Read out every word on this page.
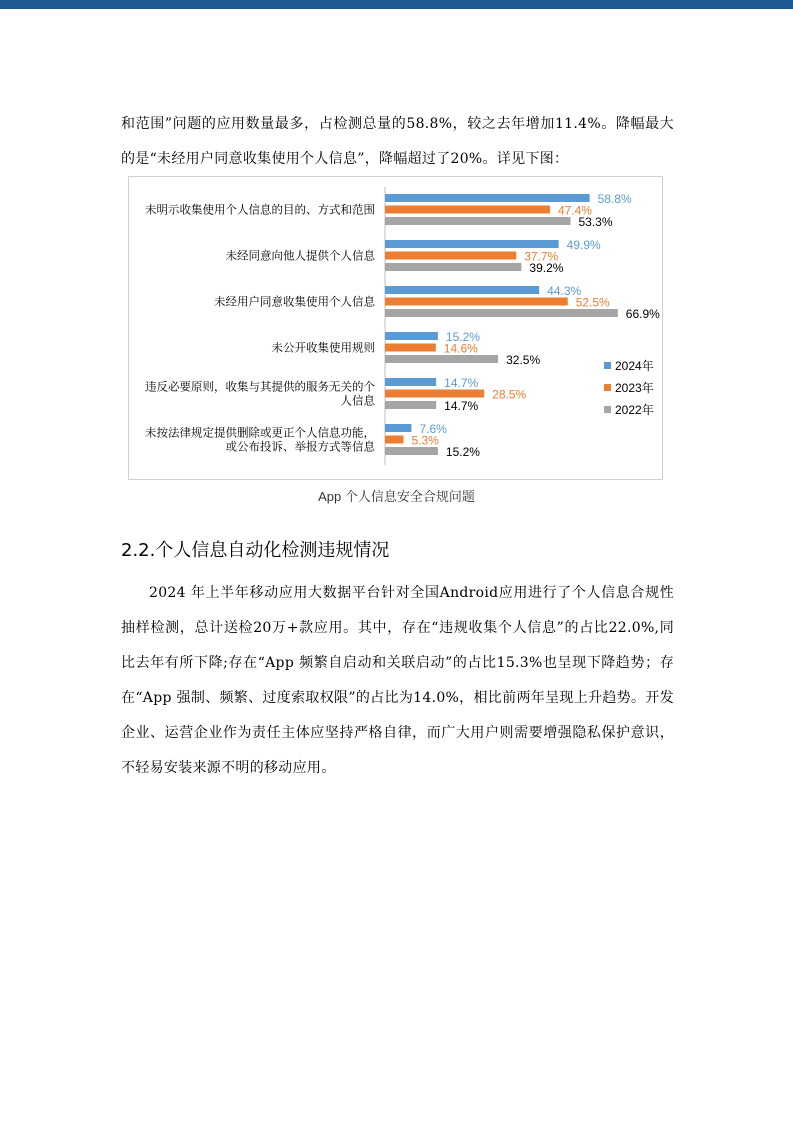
和范围”问题的应用数量最多，占检测总量的58.8%，较之去年增加11.4%。降幅最大的是“未经用户同意收集使用个人信息”，降幅超过了20%。详见下图：
未明示收集使用个人信息的目的、方式和范围
58.8%
47.4%
53.3%
未经同意向他人提供个人信息
49.9%
37.7%
39.2%
未经用户同意收集使用个人信息
44.3%
52.5%
66.9%
未公开收集使用规则
15.2%
14.6%
32.5%
违反必要原则，收集与其提供的服务无关的个
人信息
14.7%
28.5%
14.7%
未按法律规定提供删除或更正个人信息功能，
或公布投诉、举报方式等信息
7.6%
5.3%
15.2%
2024年
2023年
2022年
App 个人信息安全合规问题
2.2.个人信息自动化检测违规情况
2024 年上半年移动应用大数据平台针对全国Android应用进行了个人信息合规性抽样检测，总计送检20万+款应用。其中，存在“违规收集个人信息”的占比22.0%,同比去年有所下降;存在“App 频繁自启动和关联启动”的占比15.3%也呈现下降趋势；存在“App 强制、频繁、过度索取权限”的占比为14.0%，相比前两年呈现上升趋势。开发企业、运营企业作为责任主体应坚持严格自律，而广大用户则需要增强隐私保护意识，不轻易安装来源不明的移动应用。
